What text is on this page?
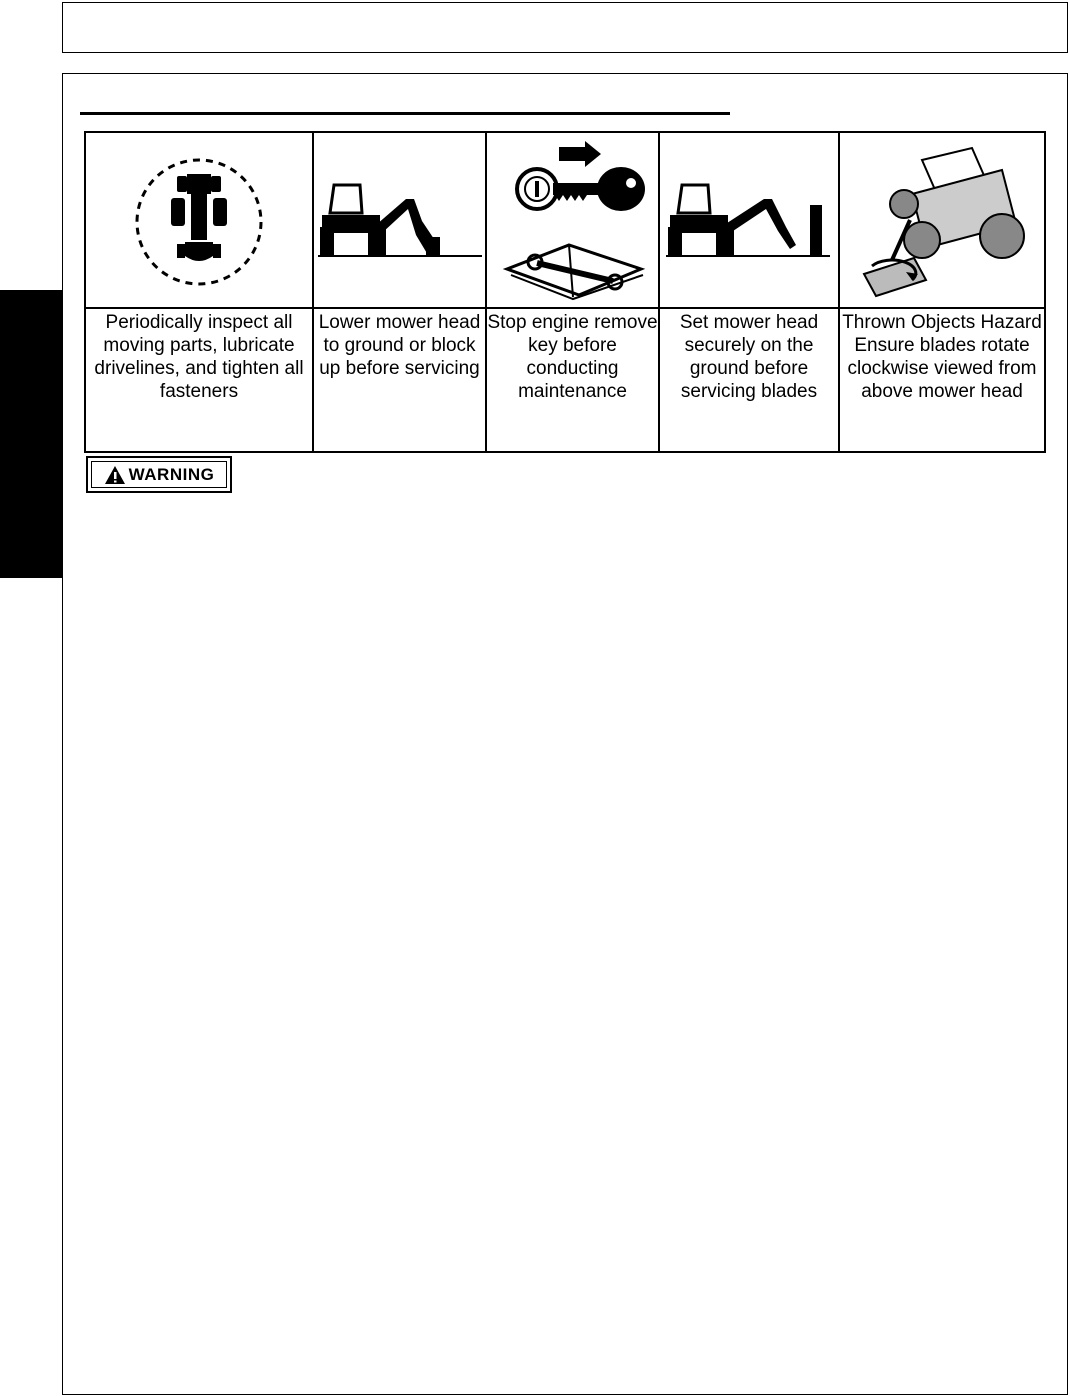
Periodically inspect all moving parts, lubricate drivelines, and tighten all fasteners	Lower mower head to ground or block up before servicing	Stop engine remove key before conducting maintenance	Set mower head securely on the ground before servicing blades	Thrown Objects Hazard Ensure blades rotate clockwise viewed from above mower head
WARNING
